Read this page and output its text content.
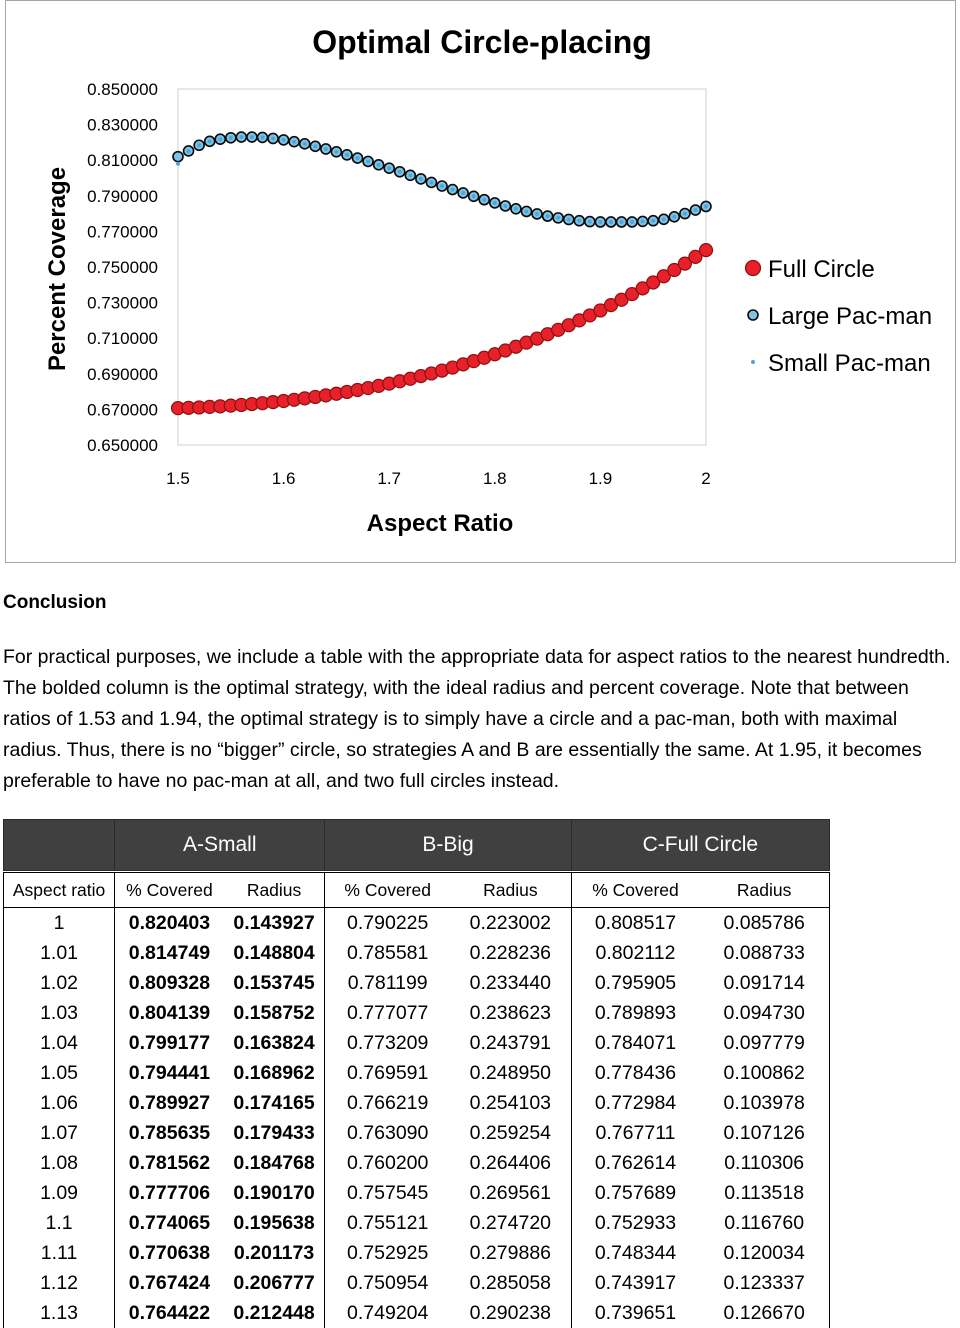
Optimal Circle-placing
Percent Coverage
Aspect Ratio
0.850000
0.830000
0.810000
0.790000
0.770000
0.750000
0.730000
0.710000
0.690000
0.670000
0.650000
1.5	1.6	1.7	1.8	1.9	2
Full Circle
Large Pac-man
Small Pac-man
Conclusion

For practical purposes, we include a table with the appropriate data for aspect ratios to the nearest hundredth. The bolded column is the optimal strategy, with the ideal radius and percent coverage. Note that between ratios of 1.53 and 1.94, the optimal strategy is to simply have a circle and a pac-man, both with maximal radius. Thus, there is no “bigger” circle, so strategies A and B are essentially the same. At 1.95, it becomes preferable to have no pac-man at all, and two full circles instead.

	A-Small		B-Big		C-Full Circle	

Aspect ratio	% Covered	Radius	% Covered	Radius	% Covered	Radius
1	0.820403	0.143927	0.790225	0.223002	0.808517	0.085786
1.01	0.814749	0.148804	0.785581	0.228236	0.802112	0.088733
1.02	0.809328	0.153745	0.781199	0.233440	0.795905	0.091714
1.03	0.804139	0.158752	0.777077	0.238623	0.789893	0.094730
1.04	0.799177	0.163824	0.773209	0.243791	0.784071	0.097779
1.05	0.794441	0.168962	0.769591	0.248950	0.778436	0.100862
1.06	0.789927	0.174165	0.766219	0.254103	0.772984	0.103978
1.07	0.785635	0.179433	0.763090	0.259254	0.767711	0.107126
1.08	0.781562	0.184768	0.760200	0.264406	0.762614	0.110306
1.09	0.777706	0.190170	0.757545	0.269561	0.757689	0.113518
1.1	0.774065	0.195638	0.755121	0.274720	0.752933	0.116760
1.11	0.770638	0.201173	0.752925	0.279886	0.748344	0.120034
1.12	0.767424	0.206777	0.750954	0.285058	0.743917	0.123337
1.13	0.764422	0.212448	0.749204	0.290238	0.739651	0.126670
